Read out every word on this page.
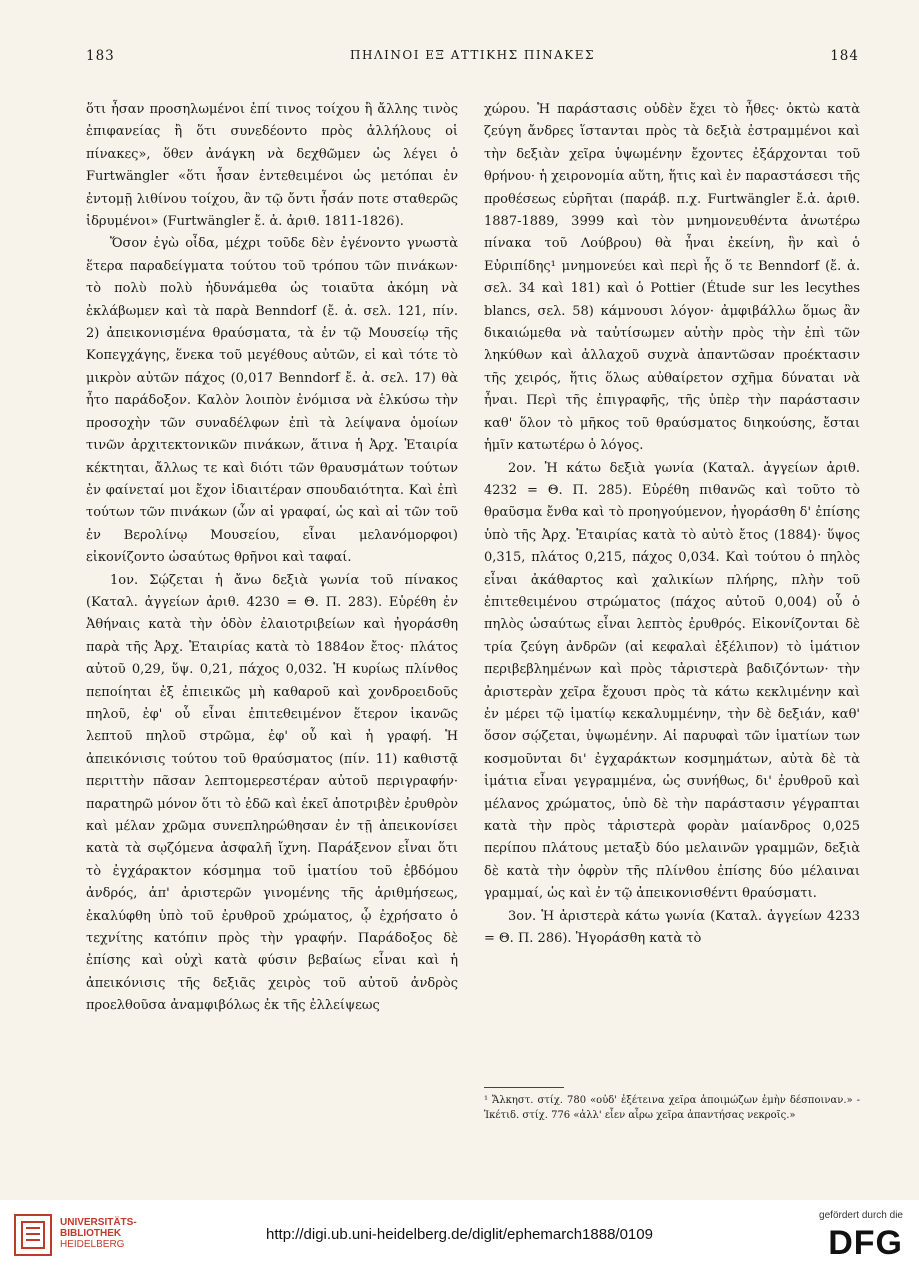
183	ΠΗΛΙΝΟΙ ΕΞ ΑΤΤΙΚΗΣ ΠΙΝΑΚΕΣ	184

ὅτι ἦσαν προσηλωμένοι ἐπί τινος τοίχου ἢ ἄλλης τινὸς ἐπιφανείας ἢ ὅτι συνεδέοντο πρὸς ἀλλήλους οἱ πίνακες», ὅθεν ἀνάγκη νὰ δεχθῶμεν ὡς λέγει ὁ Furtwängler «ὅτι ἦσαν ἐντεθειμένοι ὡς μετόπαι ἐν ἐντομῇ λιθίνου τοίχου, ἂν τῷ ὄντι ἦσάν ποτε σταθερῶς ἱδρυμένοι» (Furtwängler ἔ. ἀ. ἀριθ. 1811-1826).

Ὅσον ἐγὼ οἶδα, μέχρι τοῦδε δὲν ἐγένοντο γνωστὰ ἕτερα παραδείγματα τούτου τοῦ τρόπου τῶν πινάκων· τὸ πολὺ πολὺ ἠδυνάμεθα ὡς τοιαῦτα ἀκόμη νὰ ἐκλάβωμεν καὶ τὰ παρὰ Benndorf (ἔ. ἀ. σελ. 121, πίν. 2) ἀπεικονισμένα θραύσματα, τὰ ἐν τῷ Μουσείῳ τῆς Κοπεγχάγης, ἕνεκα τοῦ μεγέθους αὐτῶν, εἰ καὶ τότε τὸ μικρὸν αὐτῶν πάχος (0,017 Benndorf ἔ. ἀ. σελ. 17) θὰ ἦτο παράδοξον. Καλὸν λοιπὸν ἐνόμισα νὰ ἑλκύσω τὴν προσοχὴν τῶν συναδέλφων ἐπὶ τὰ λείψανα ὁμοίων τινῶν ἀρχιτεκτονικῶν πινάκων, ἅτινα ἡ Ἀρχ. Ἑταιρία κέκτηται, ἄλλως τε καὶ διότι τῶν θραυσμάτων τούτων ἐν φαίνεταί μοι ἔχον ἰδιαιτέραν σπουδαιότητα. Καὶ ἐπὶ τούτων τῶν πινάκων (ὧν αἱ γραφαί, ὡς καὶ αἱ τῶν τοῦ ἐν Βερολίνῳ Μουσείου, εἶναι μελανόμορφοι) εἰκονίζοντο ὡσαύτως θρῆνοι καὶ ταφαί.

1ον. Σῴζεται ἡ ἄνω δεξιὰ γωνία τοῦ πίνακος (Καταλ. ἀγγείων ἀριθ. 4230 = Θ. Π. 283). Εὑρέθη ἐν Ἀθήναις κατὰ τὴν ὁδὸν ἐλαιοτριβείων καὶ ἠγοράσθη παρὰ τῆς Ἀρχ. Ἑταιρίας κατὰ τὸ 1884ον ἔτος· πλάτος αὐτοῦ 0,29, ὕψ. 0,21, πάχος 0,032. Ἡ κυρίως πλίνθος πεποίηται ἐξ ἐπιεικῶς μὴ καθαροῦ καὶ χονδροειδοῦς πηλοῦ, ἐφ' οὗ εἶναι ἐπιτεθειμένον ἕτερον ἱκανῶς λεπτοῦ πηλοῦ στρῶμα, ἐφ' οὗ καὶ ἡ γραφή. Ἡ ἀπεικόνισις τούτου τοῦ θραύσματος (πίν. 11) καθιστᾷ περιττὴν πᾶσαν λεπτομερεστέραν αὐτοῦ περιγραφήν· παρατηρῶ μόνον ὅτι τὸ ἐδῶ καὶ ἐκεῖ ἀποτριβὲν ἐρυθρὸν καὶ μέλαν χρῶμα συνεπληρώθησαν ἐν τῇ ἀπεικονίσει κατὰ τὰ σῳζόμενα ἀσφαλῆ ἴχνη. Παράξενον εἶναι ὅτι τὸ ἐγχάρακτον κόσμημα τοῦ ἱματίου τοῦ ἑβδόμου ἀνδρός, ἀπ' ἀριστερῶν γινομένης τῆς ἀριθμήσεως, ἐκαλύφθη ὑπὸ τοῦ ἐρυθροῦ χρώματος, ᾧ ἐχρήσατο ὁ τεχνίτης κατόπιν πρὸς τὴν γραφήν. Παράδοξος δὲ ἐπίσης καὶ οὐχὶ κατὰ φύσιν βεβαίως εἶναι καὶ ἡ ἀπεικόνισις τῆς δεξιᾶς χειρὸς τοῦ αὐτοῦ ἀνδρὸς προελθοῦσα ἀναμφιβόλως ἐκ τῆς ἐλλείψεως

χώρου. Ἡ παράστασις οὐδὲν ἔχει τὸ ἦθες· ὀκτὼ κατὰ ζεύγη ἄνδρες ἵστανται πρὸς τὰ δεξιὰ ἐστραμμένοι καὶ τὴν δεξιὰν χεῖρα ὑψωμένην ἔχοντες ἐξάρχονται τοῦ θρήνου· ἡ χειρονομία αὕτη, ἥτις καὶ ἐν παραστάσεσι τῆς προθέσεως εὑρῆται (παράβ. π.χ. Furtwängler ἔ.ἀ. ἀριθ. 1887-1889, 3999 καὶ τὸν μνημονευθέντα ἀνωτέρω πίνακα τοῦ Λούβρου) θὰ ἦναι ἐκείνη, ἣν καὶ ὁ Εὐριπίδης¹ μνημονεύει καὶ περὶ ἧς ὅ τε Benndorf (ἔ. ἀ. σελ. 34 καὶ 181) καὶ ὁ Pottier (Étude sur les lecythes blancs, σελ. 58) κάμνουσι λόγον· ἀμφιβάλλω ὅμως ἂν δικαιώμεθα νὰ ταὐτίσωμεν αὐτὴν πρὸς τὴν ἐπὶ τῶν ληκύθων καὶ ἀλλαχοῦ συχνὰ ἀπαντῶσαν προέκτασιν τῆς χειρός, ἥτις ὅλως αὐθαίρετον σχῆμα δύναται νὰ ἦναι. Περὶ τῆς ἐπιγραφῆς, τῆς ὑπὲρ τὴν παράστασιν καθ' ὅλον τὸ μῆκος τοῦ θραύσματος διηκούσης, ἔσται ἡμῖν κατωτέρω ὁ λόγος.

2ον. Ἡ κάτω δεξιὰ γωνία (Καταλ. ἀγγείων ἀριθ. 4232 = Θ. Π. 285). Εὑρέθη πιθανῶς καὶ τοῦτο τὸ θραῦσμα ἔνθα καὶ τὸ προηγούμενον, ἠγοράσθη δ' ἐπίσης ὑπὸ τῆς Ἀρχ. Ἑταιρίας κατὰ τὸ αὐτὸ ἔτος (1884)· ὕψος 0,315, πλάτος 0,215, πάχος 0,034. Καὶ τούτου ὁ πηλὸς εἶναι ἀκάθαρτος καὶ χαλικίων πλήρης, πλὴν τοῦ ἐπιτεθειμένου στρώματος (πάχος αὐτοῦ 0,004) οὗ ὁ πηλὸς ὡσαύτως εἶναι λεπτὸς ἐρυθρός. Εἰκονίζονται δὲ τρία ζεύγη ἀνδρῶν (αἱ κεφαλαὶ ἐξέλιπον) τὸ ἱμάτιον περιβεβλημένων καὶ πρὸς τἀριστερὰ βαδιζόντων· τὴν ἀριστερὰν χεῖρα ἔχουσι πρὸς τὰ κάτω κεκλιμένην καὶ ἐν μέρει τῷ ἱματίῳ κεκαλυμμένην, τὴν δὲ δεξιάν, καθ' ὅσον σῴζεται, ὑψωμένην. Αἱ παρυφαὶ τῶν ἱματίων των κοσμοῦνται δι' ἐγχαράκτων κοσμημάτων, αὐτὰ δὲ τὰ ἱμάτια εἶναι γεγραμμένα, ὡς συνήθως, δι' ἐρυθροῦ καὶ μέλανος χρώματος, ὑπὸ δὲ τὴν παράστασιν γέγραπται κατὰ τὴν πρὸς τἀριστερὰ φορὰν μαίανδρος 0,025 περίπου πλάτους μεταξὺ δύο μελαινῶν γραμμῶν, δεξιὰ δὲ κατὰ τὴν ὀφρὺν τῆς πλίνθου ἐπίσης δύο μέλαιναι γραμμαί, ὡς καὶ ἐν τῷ ἀπεικονισθέντι θραύσματι.

3ον. Ἡ ἀριστερὰ κάτω γωνία (Καταλ. ἀγγείων 4233 = Θ. Π. 286). Ἠγοράσθη κατὰ τὸ

¹ Ἄλκηστ. στίχ. 780 «οὐδ' ἐξέτεινα χεῖρα ἀποιμώζων ἐμὴν δέσποιναν.» - Ἱκέτιδ. στίχ. 776 «ἀλλ' εἶεν αἶρω χεῖρα ἀπαντήσας νεκροῖς.»
UNIVERSITÄTS-
BIBLIOTHEK
HEIDELBERG
http://digi.ub.uni-heidelberg.de/diglit/ephemarch1888/0109
gefördert durch die
DFG
